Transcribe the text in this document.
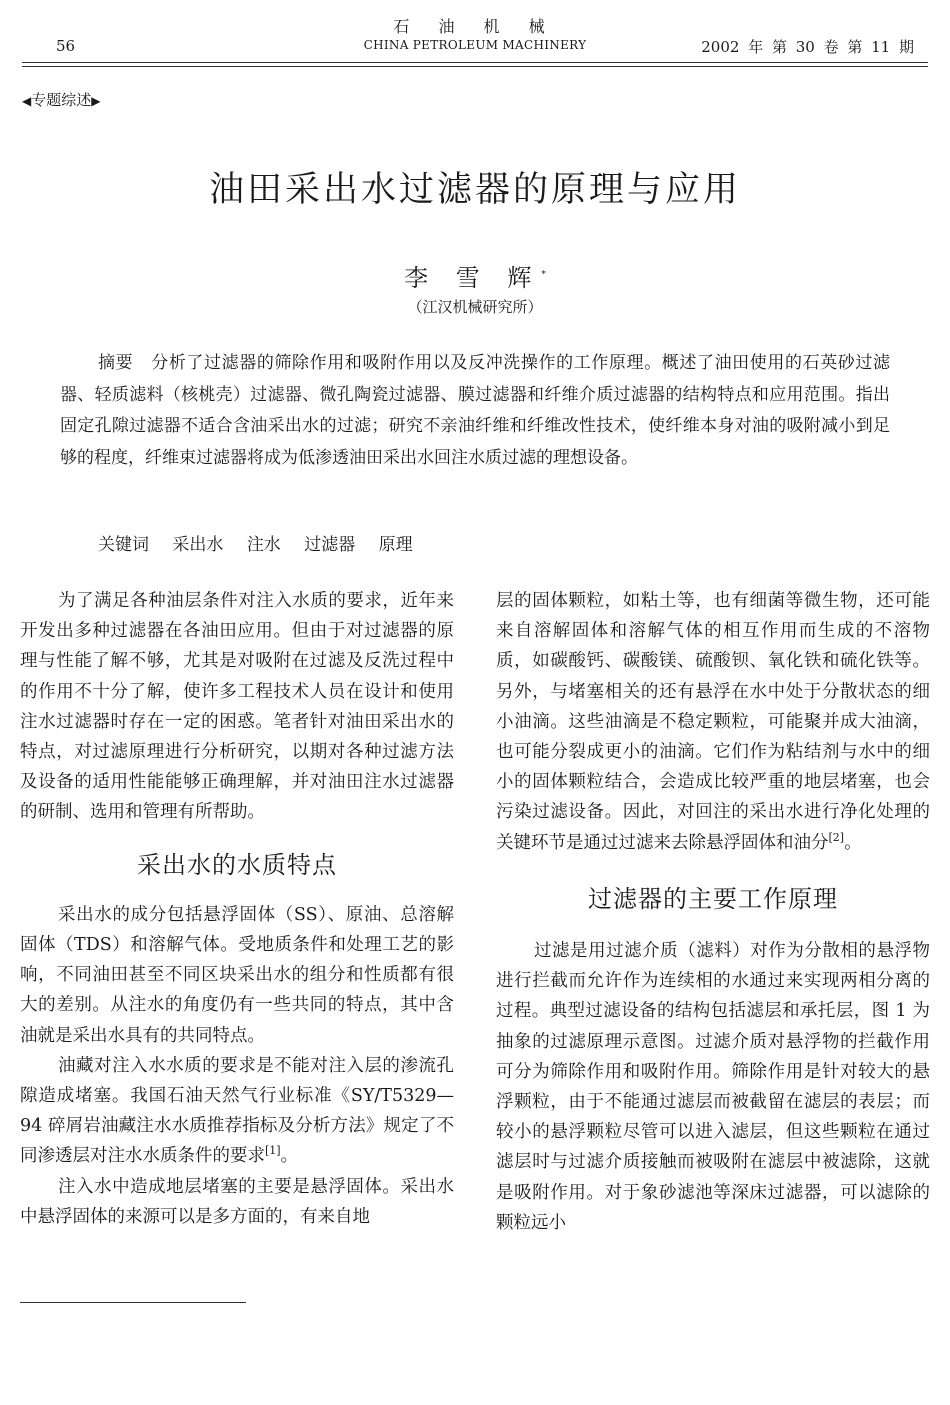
石 油 机 械
CHINA PETROLEUM MACHINERY
56	2002 年 第 30 卷 第 11 期
◀专题综述▶
油田采出水过滤器的原理与应用
李 雪 辉*
（江汉机械研究所）

摘要 分析了过滤器的筛除作用和吸附作用以及反冲洗操作的工作原理。概述了油田使用的石英砂过滤器、轻质滤料（核桃壳）过滤器、微孔陶瓷过滤器、膜过滤器和纤维介质过滤器的结构特点和应用范围。指出固定孔隙过滤器不适合含油采出水的过滤；研究不亲油纤维和纤维改性技术，使纤维本身对油的吸附减小到足够的程度，纤维束过滤器将成为低渗透油田采出水回注水质过滤的理想设备。

关键词 采出水 注水 过滤器 原理

为了满足各种油层条件对注入水质的要求，近年来开发出多种过滤器在各油田应用。但由于对过滤器的原理与性能了解不够，尤其是对吸附在过滤及反洗过程中的作用不十分了解，使许多工程技术人员在设计和使用注水过滤器时存在一定的困惑。笔者针对油田采出水的特点，对过滤原理进行分析研究，以期对各种过滤方法及设备的适用性能能够正确理解，并对油田注水过滤器的研制、选用和管理有所帮助。

采出水的水质特点

采出水的成分包括悬浮固体（SS）、原油、总溶解固体（TDS）和溶解气体。受地质条件和处理工艺的影响，不同油田甚至不同区块采出水的组分和性质都有很大的差别。从注水的角度仍有一些共同的特点，其中含油就是采出水具有的共同特点。

油藏对注入水水质的要求是不能对注入层的渗流孔隙造成堵塞。我国石油天然气行业标准《SY/T5329—94 碎屑岩油藏注水水质推荐指标及分析方法》规定了不同渗透层对注水水质条件的要求[1]。

注入水中造成地层堵塞的主要是悬浮固体。采出水中悬浮固体的来源可以是多方面的，有来自地

层的固体颗粒，如粘土等，也有细菌等微生物，还可能来自溶解固体和溶解气体的相互作用而生成的不溶物质，如碳酸钙、碳酸镁、硫酸钡、氧化铁和硫化铁等。另外，与堵塞相关的还有悬浮在水中处于分散状态的细小油滴。这些油滴是不稳定颗粒，可能聚并成大油滴，也可能分裂成更小的油滴。它们作为粘结剂与水中的细小的固体颗粒结合，会造成比较严重的地层堵塞，也会污染过滤设备。因此，对回注的采出水进行净化处理的关键环节是通过过滤来去除悬浮固体和油分[2]。

过滤器的主要工作原理

过滤是用过滤介质（滤料）对作为分散相的悬浮物进行拦截而允许作为连续相的水通过来实现两相分离的过程。典型过滤设备的结构包括滤层和承托层，图 1 为抽象的过滤原理示意图。过滤介质对悬浮物的拦截作用可分为筛除作用和吸附作用。筛除作用是针对较大的悬浮颗粒，由于不能通过滤层而被截留在滤层的表层；而较小的悬浮颗粒尽管可以进入滤层，但这些颗粒在通过滤层时与过滤介质接触而被吸附在滤层中被滤除，这就是吸附作用。对于象砂滤池等深床过滤器，可以滤除的颗粒远小
